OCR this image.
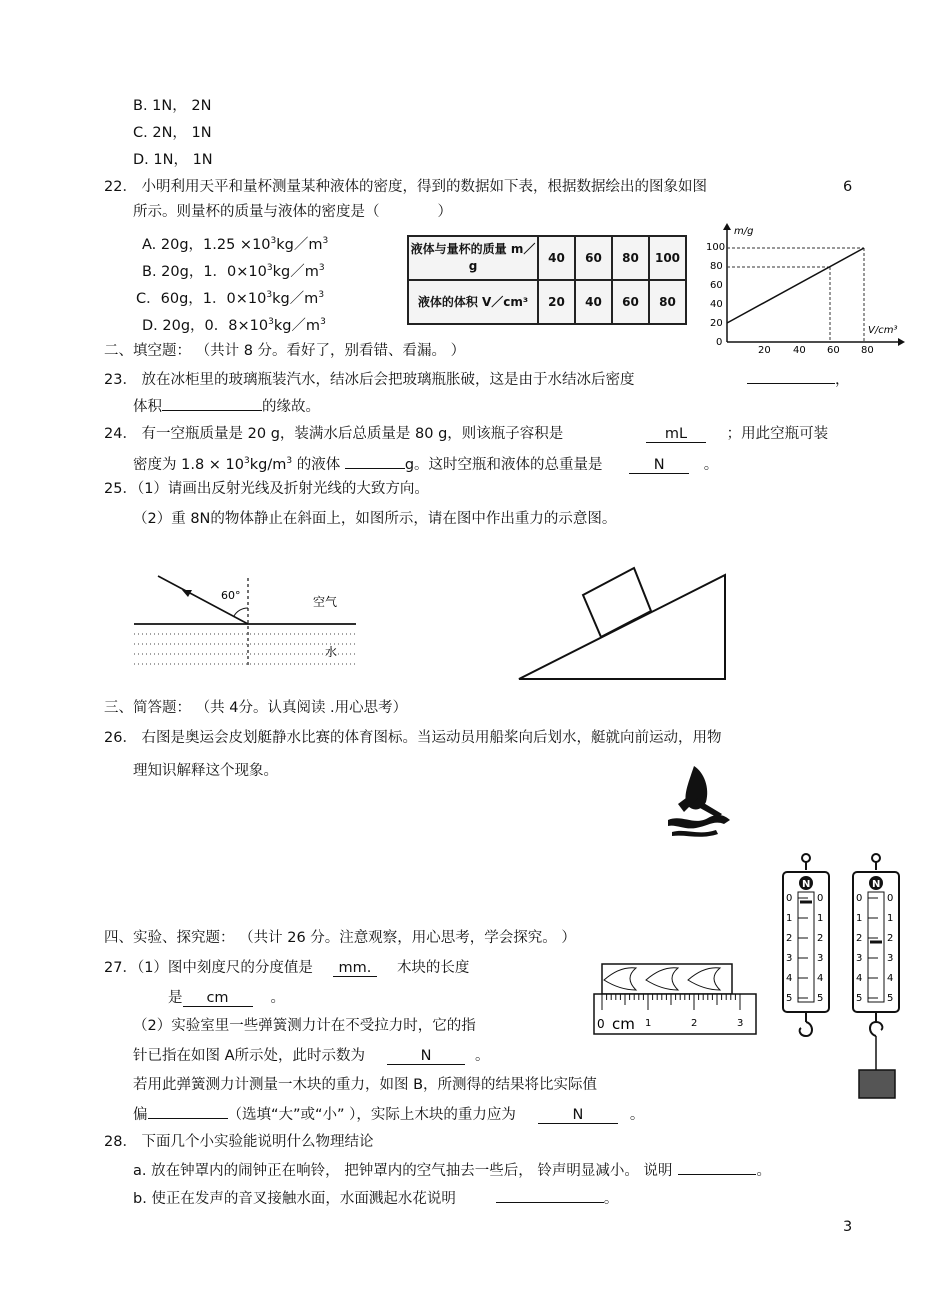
B. 1N， 2N
C. 2N， 1N
D. 1N， 1N
22． 小明利用天平和量杯测量某种液体的密度，得到的数据如下表，根据数据绘出的图象如图	6
所示。则量杯的质量与液体的密度是（　　　　）
A. 20g，$1.25 \times 10^3kg/m^3$
B. 20g，1．$0\times 10^3kg/m^3$
C．60g，1．$0\times 10^3kg/m^3$
D. 20g，0．$8\times 10^3kg/m^3$
液体与量杯的质量 m／g	40	60	80	100
液体的体积 V／cm³	20	40	60	80
m/g
V/cm³
100
80
60
40
20
0
20 40 60 80
二、填空题： （共计 8 分。看好了，别看错、看漏。 ）
23． 放在冰柜里的玻璃瓶装汽水，结冰后会把玻璃瓶胀破，这是由于水结冰后密度	，
体积	的缘故。
24． 有一空瓶质量是 20 g，装满水后总质量是 80 g，则该瓶子容积是	mL	；用此空瓶可装
密度为 $1.8 \times 10^3kg/m^3$ 的液体	g。这时空瓶和液体的总重量是	N	。
25．（1）请画出反射光线及折射光线的大致方向。
（2）重 8N的物体静止在斜面上，如图所示，请在图中作出重力的示意图。
60°	空气
水
三、简答题： （共 4分。认真阅读 .用心思考）
26． 右图是奥运会皮划艇静水比赛的体育图标。当运动员用船桨向后划水，艇就向前运动，用物
理知识解释这个现象。
N
0
1
2
3
4
5
0
1
2
3
4
5
N
0
1
2
3
4
5
0
1
2
3
4
5
四、实验、探究题： （共计 26 分。注意观察，用心思考，学会探究。 ）
27．（1）图中刻度尺的分度值是 mm. 木块的长度
是 cm	。
（2）实验室里一些弹簧测力计在不受拉力时，它的指
针已指在如图 A所示处，此时示数为	N	。
若用此弹簧测力计测量一木块的重力，如图 B，所测得的结果将比实际值
偏	（选填“大”或“小” ），实际上木块的重力应为	N	。
0 cm 1	2	3
28． 下面几个小实验能说明什么物理结论
a. 放在钟罩内的闹钟正在响铃， 把钟罩内的空气抽去一些后， 铃声明显减小。 说明	。
b. 使正在发声的音叉接触水面，水面溅起水花说明	。
3
